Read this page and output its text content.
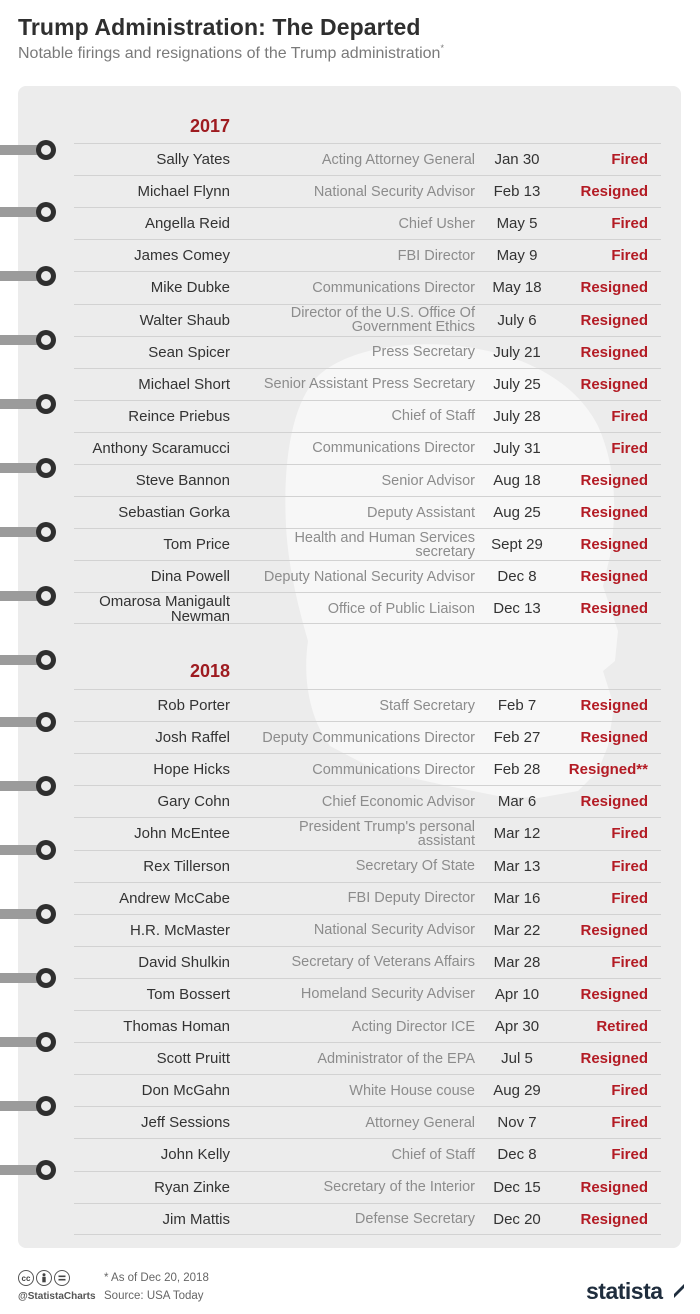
Trump Administration: The Departed
Notable firings and resignations of the Trump administration*
2017
Sally Yates	Acting Attorney General	Jan 30	Fired
Michael Flynn	National Security Advisor	Feb 13	Resigned
Angella Reid	Chief Usher	May 5	Fired
James Comey	FBI Director	May 9	Fired
Mike Dubke	Communications Director	May 18	Resigned
Walter Shaub	Director of the U.S. Office Of Government Ethics	July 6	Resigned
Sean Spicer	Press Secretary	July 21	Resigned
Michael Short	Senior Assistant Press Secretary	July 25	Resigned
Reince Priebus	Chief of Staff	July 28	Fired
Anthony Scaramucci	Communications Director	July 31	Fired
Steve Bannon	Senior Advisor	Aug 18	Resigned
Sebastian Gorka	Deputy Assistant	Aug 25	Resigned
Tom Price	Health and Human Services secretary	Sept 29	Resigned
Dina Powell	Deputy National Security Advisor	Dec 8	Resigned
Omarosa Manigault Newman	Office of Public Liaison	Dec 13	Resigned
2018
Rob Porter	Staff Secretary	Feb 7	Resigned
Josh Raffel	Deputy Communications Director	Feb 27	Resigned
Hope Hicks	Communications Director	Feb 28	Resigned**
Gary Cohn	Chief Economic Advisor	Mar 6	Resigned
John McEntee	President Trump's personal assistant	Mar 12	Fired
Rex Tillerson	Secretary Of State	Mar 13	Fired
Andrew McCabe	FBI Deputy Director	Mar 16	Fired
H.R. McMaster	National Security Advisor	Mar 22	Resigned
David Shulkin	Secretary of Veterans Affairs	Mar 28	Fired
Tom Bossert	Homeland Security Adviser	Apr 10	Resigned
Thomas Homan	Acting Director ICE	Apr 30	Retired
Scott Pruitt	Administrator of the EPA	Jul 5	Resigned
Don McGahn	White House couse	Aug 29	Fired
Jeff Sessions	Attorney General	Nov 7	Fired
John Kelly	Chief of Staff	Dec 8	Fired
Ryan Zinke	Secretary of the Interior	Dec 15	Resigned
Jim Mattis	Defense Secretary	Dec 20	Resigned
cc
@StatistaCharts
* As of Dec 20, 2018
Source: USA Today	statista
